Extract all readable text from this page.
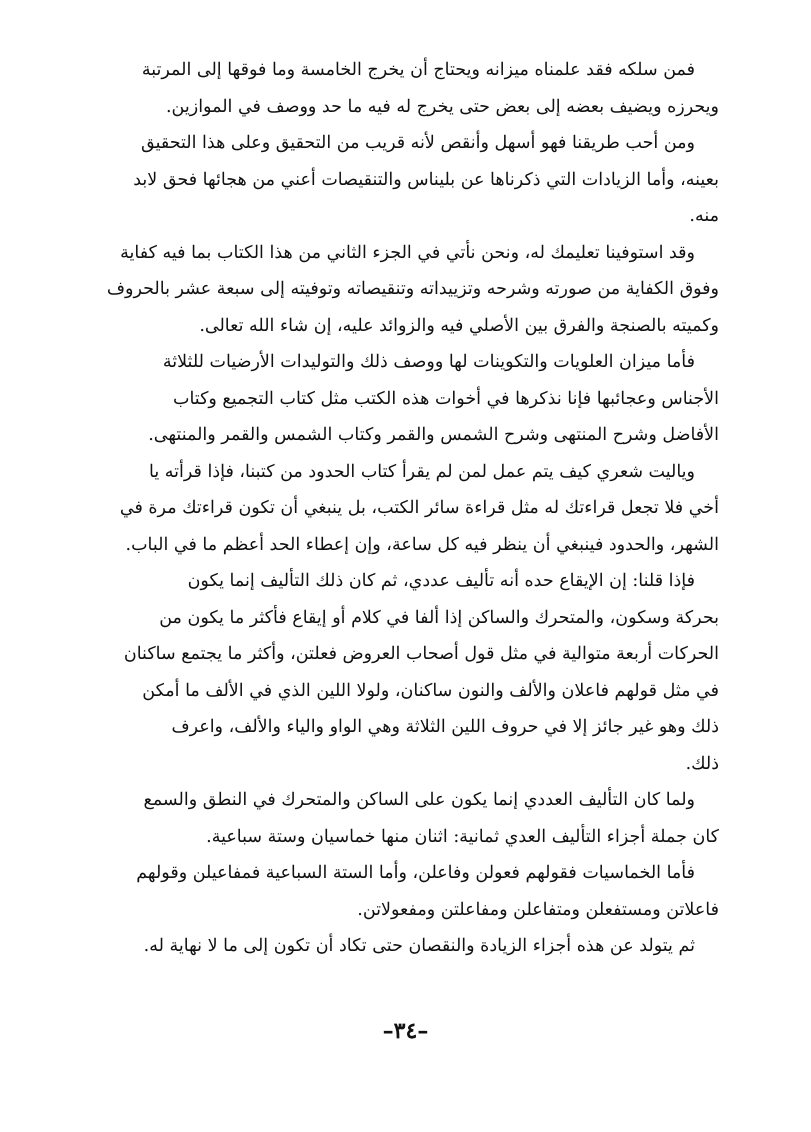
فمن سلكه فقد علمناه ميزانه ويحتاج أن يخرج الخامسة وما فوقها إلى المرتبة
ويحرزه ويضيف بعضه إلى بعض حتى يخرج له فيه ما حد ووصف في الموازين.

ومن أحب طريقنا فهو أسهل وأنقص لأنه قريب من التحقيق وعلى هذا التحقيق
بعينه، وأما الزيادات التي ذكرناها عن بليناس والتنقيصات أعني من هجائها فحق لابد
منه.

وقد استوفينا تعليمك له، ونحن نأتي في الجزء الثاني من هذا الكتاب بما فيه كفاية
وفوق الكفاية من صورته وشرحه وتزييداته وتنقيصاته وتوفيته إلى سبعة عشر بالحروف
وكميته بالصنجة والفرق بين الأصلي فيه والزوائد عليه، إن شاء الله تعالى.

فأما ميزان العلويات والتكوينات لها ووصف ذلك والتوليدات الأرضيات للثلاثة
الأجناس وعجائبها فإنا نذكرها في أخوات هذه الكتب مثل كتاب التجميع وكتاب
الأفاضل وشرح المنتهى وشرح الشمس والقمر وكتاب الشمس والقمر والمنتهى.

وياليت شعري كيف يتم عمل لمن لم يقرأ كتاب الحدود من كتبنا، فإذا قرأته يا
أخي فلا تجعل قراءتك له مثل قراءة سائر الكتب، بل ينبغي أن تكون قراءتك مرة في
الشهر، والحدود فينبغي أن ينظر فيه كل ساعة، وإن إعطاء الحد أعظم ما في الباب.

فإذا قلنا: إن الإيقاع حده أنه تأليف عددي، ثم كان ذلك التأليف إنما يكون
بحركة وسكون، والمتحرك والساكن إذا ألفا في كلام أو إيقاع فأكثر ما يكون من
الحركات أربعة متوالية في مثل قول أصحاب العروض فعلتن، وأكثر ما يجتمع ساكنان
في مثل قولهم فاعلان والألف والنون ساكنان، ولولا اللين الذي في الألف ما أمكن
ذلك وهو غير جائز إلا في حروف اللين الثلاثة وهي الواو والياء والألف، واعرف
ذلك.

ولما كان التأليف العددي إنما يكون على الساكن والمتحرك في النطق والسمع
كان جملة أجزاء التأليف العدي ثمانية: اثنان منها خماسيان وستة سباعية.

فأما الخماسيات فقولهم فعولن وفاعلن، وأما الستة السباعية فمفاعيلن وقولهم
فاعلاتن ومستفعلن ومتفاعلن ومفاعلتن ومفعولاتن.

ثم يتولد عن هذه أجزاء الزيادة والنقصان حتى تكاد أن تكون إلى ما لا نهاية له.

–٣٤–
